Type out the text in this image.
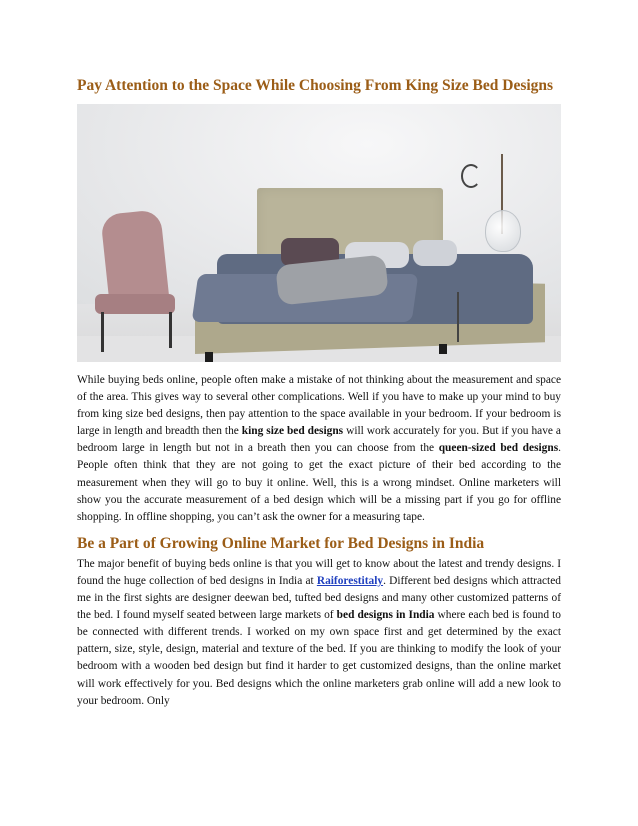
Pay Attention to the Space While Choosing From King Size Bed Designs

While buying beds online, people often make a mistake of not thinking about the measurement and space of the area. This gives way to several other complications. Well if you have to make up your mind to buy from king size bed designs, then pay attention to the space available in your bedroom. If your bedroom is large in length and breadth then the king size bed designs will work accurately for you. But if you have a bedroom large in length but not in a breath then you can choose from the queen-sized bed designs. People often think that they are not going to get the exact picture of their bed according to the measurement when they will go to buy it online. Well, this is a wrong mindset. Online marketers will show you the accurate measurement of a bed design which will be a missing part if you go for offline shopping. In offline shopping, you can’t ask the owner for a measuring tape.

Be a Part of Growing Online Market for Bed Designs in India

The major benefit of buying beds online is that you will get to know about the latest and trendy designs. I found the huge collection of bed designs in India at Raiforestitaly. Different bed designs which attracted me in the first sights are designer deewan bed, tufted bed designs and many other customized patterns of the bed. I found myself seated between large markets of bed designs in India where each bed is found to be connected with different trends. I worked on my own space first and get determined by the exact pattern, size, style, design, material and texture of the bed. If you are thinking to modify the look of your bedroom with a wooden bed design but find it harder to get customized designs, than the online market will work effectively for you. Bed designs which the online marketers grab online will add a new look to your bedroom. Only
